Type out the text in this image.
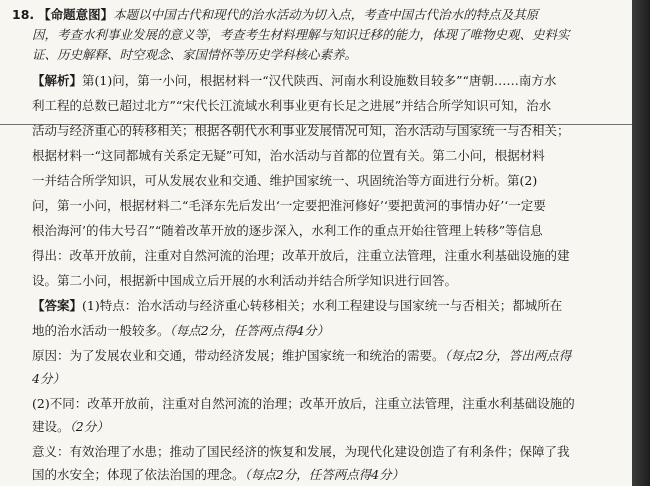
18. 【命题意图】本题以中国古代和现代的治水活动为切入点，考查中国古代治水的特点及其原
因，考查水利事业发展的意义等，考查考生材料理解与知识迁移的能力，体现了唯物史观、史料实
证、历史解释、时空观念、家国情怀等历史学科核心素养。
【解析】第(1)问，第一小问，根据材料一“汉代陕西、河南水利设施数目较多”“唐朝……南方水
利工程的总数已超过北方”“宋代长江流域水利事业更有长足之进展”并结合所学知识可知，治水
活动与经济重心的转移相关；根据各朝代水利事业发展情况可知，治水活动与国家统一与否相关；
根据材料一“这同都城有关系定无疑”可知，治水活动与首都的位置有关。第二小问，根据材料
一并结合所学知识，可从发展农业和交通、维护国家统一、巩固统治等方面进行分析。第(2)
问，第一小问，根据材料二“毛泽东先后发出‘一定要把淮河修好’‘要把黄河的事情办好’‘一定要
根治海河’的伟大号召”“随着改革开放的逐步深入，水利工作的重点开始往管理上转移”等信息
得出：改革开放前，注重对自然河流的治理；改革开放后，注重立法管理，注重水利基础设施的建
设。第二小问，根据新中国成立后开展的水利活动并结合所学知识进行回答。
【答案】(1)特点：治水活动与经济重心转移相关；水利工程建设与国家统一与否相关；都城所在
地的治水活动一般较多。（每点2分，任答两点得4分）
原因：为了发展农业和交通，带动经济发展；维护国家统一和统治的需要。（每点2分，答出两点得
4分）
(2)不同：改革开放前，注重对自然河流的治理；改革开放后，注重立法管理，注重水利基础设施的
建设。（2分）
意义：有效治理了水患；推动了国民经济的恢复和发展，为现代化建设创造了有利条件；保障了我
国的水安全；体现了依法治国的理念。（每点2分，任答两点得4分）
